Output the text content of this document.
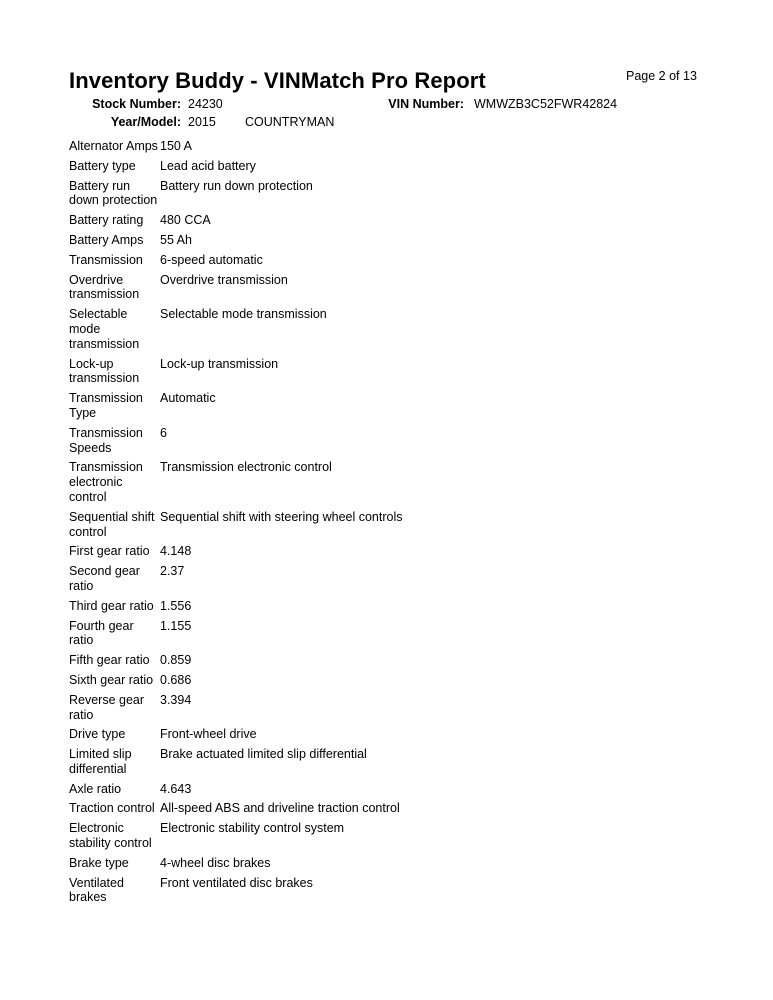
Page 2 of 13
Inventory Buddy - VINMatch Pro Report
Stock Number: 24230	VIN Number: WMWZB3C52FWR42824
Year/Model: 2015 COUNTRYMAN
Alternator Amps	150 A
Battery type	Lead acid battery
Battery run down protection	Battery run down protection
Battery rating	480 CCA
Battery Amps	55 Ah
Transmission	6-speed automatic
Overdrive transmission	Overdrive transmission
Selectable mode transmission	Selectable mode transmission
Lock-up transmission	Lock-up transmission
Transmission Type	Automatic
Transmission Speeds	6
Transmission electronic control	Transmission electronic control
Sequential shift control	Sequential shift with steering wheel controls
First gear ratio	4.148
Second gear ratio	2.37
Third gear ratio	1.556
Fourth gear ratio	1.155
Fifth gear ratio	0.859
Sixth gear ratio	0.686
Reverse gear ratio	3.394
Drive type	Front-wheel drive
Limited slip differential	Brake actuated limited slip differential
Axle ratio	4.643
Traction control	All-speed ABS and driveline traction control
Electronic stability control	Electronic stability control system
Brake type	4-wheel disc brakes
Ventilated brakes	Front ventilated disc brakes
